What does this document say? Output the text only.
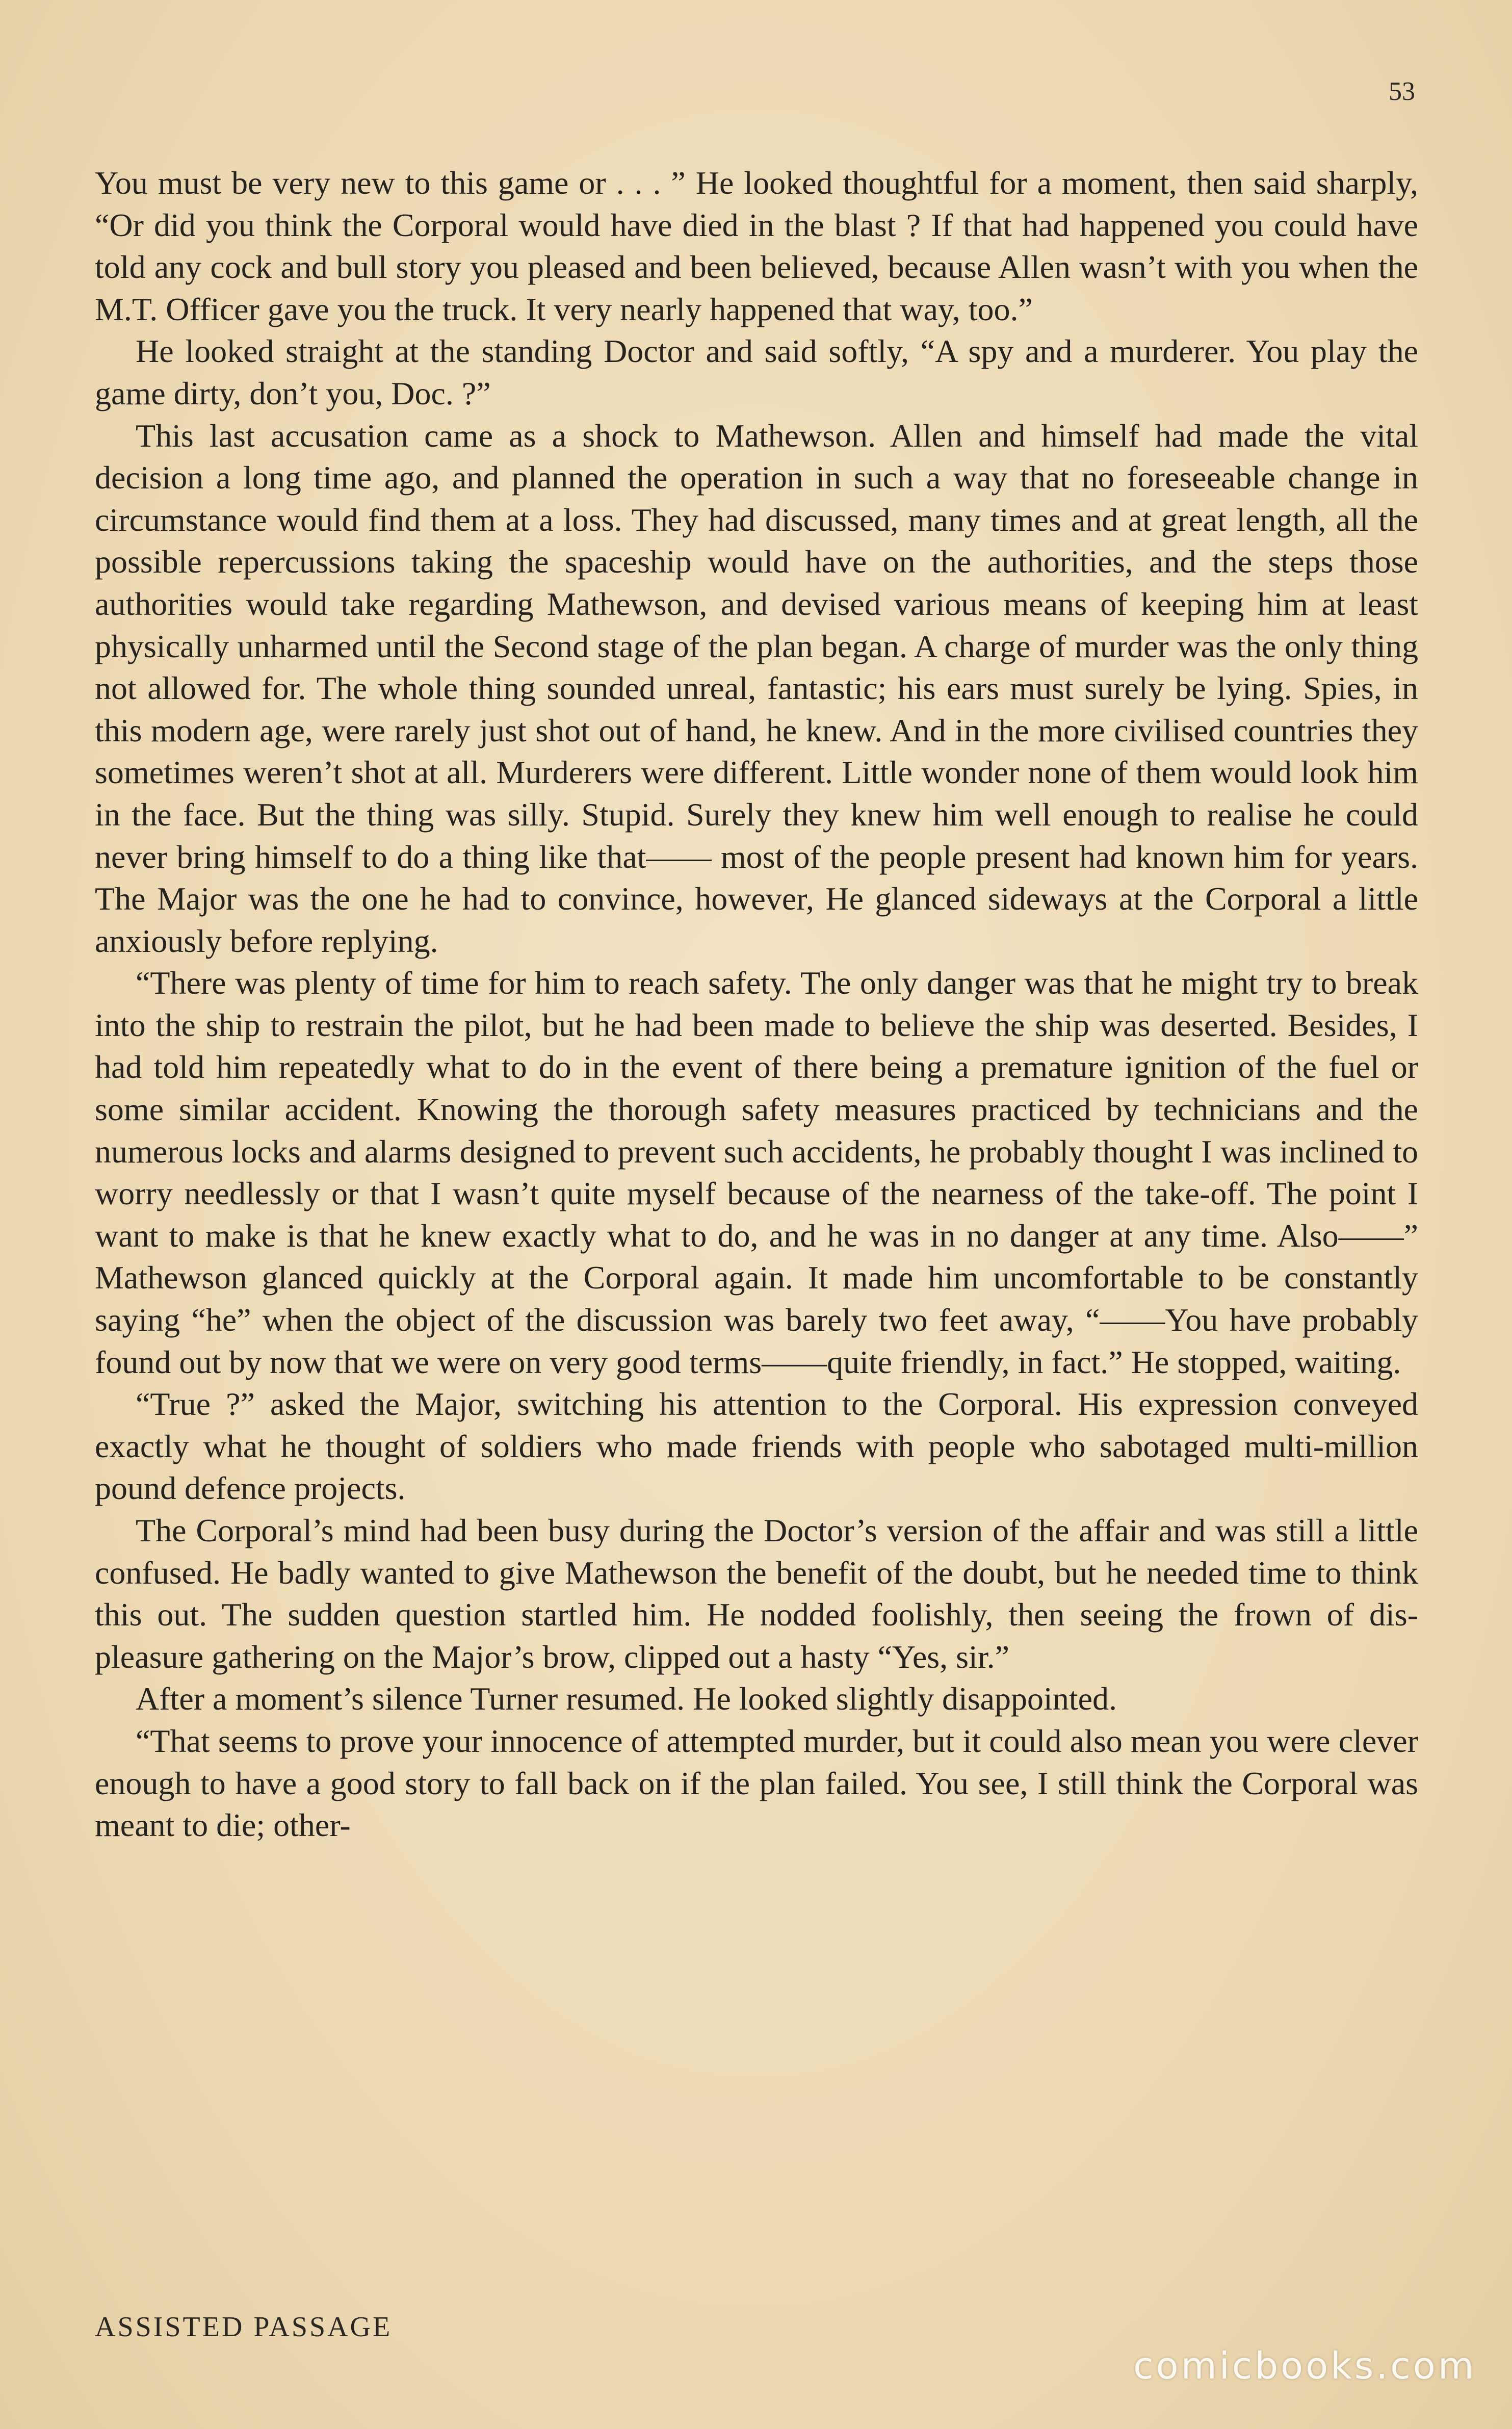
53

You must be very new to this game or . . . ” He looked thoughtful for a moment, then said sharply, “Or did you think the Corporal would have died in the blast ? If that had happened you could have told any cock and bull story you pleased and been believed, because Allen wasn’t with you when the M.T. Officer gave you the truck. It very nearly happened that way, too.”

He looked straight at the standing Doctor and said softly, “A spy and a murderer. You play the game dirty, don’t you, Doc. ?”

This last accusation came as a shock to Mathewson. Allen and himself had made the vital decision a long time ago, and planned the operation in such a way that no foreseeable change in circumstance would find them at a loss. They had discussed, many times and at great length, all the possible repercussions taking the spaceship would have on the authorities, and the steps those authorities would take regarding Mathewson, and devised various means of keeping him at least physically unharmed until the Second stage of the plan began. A charge of murder was the only thing not allowed for. The whole thing sounded unreal, fantastic; his ears must surely be lying. Spies, in this modern age, were rarely just shot out of hand, he knew. And in the more civilised countries they sometimes weren’t shot at all. Murderers were different. Little wonder none of them would look him in the face. But the thing was silly. Stupid. Surely they knew him well enough to realise he could never bring himself to do a thing like that—— most of the people present had known him for years. The Major was the one he had to convince, however, He glanced sideways at the Corporal a little anxiously before replying.

“There was plenty of time for him to reach safety. The only danger was that he might try to break into the ship to restrain the pilot, but he had been made to believe the ship was deserted. Besides, I had told him repeatedly what to do in the event of there being a premature ignition of the fuel or some similar accident. Knowing the thorough safety measures practiced by technicians and the numerous locks and alarms designed to prevent such accidents, he probably thought I was inclined to worry needlessly or that I wasn’t quite myself because of the nearness of the take-off. The point I want to make is that he knew exactly what to do, and he was in no danger at any time. Also——” Mathewson glanced quickly at the Corporal again. It made him uncomfortable to be constantly saying “he” when the object of the discussion was barely two feet away, “——You have probably found out by now that we were on very good terms——quite friendly, in fact.” He stopped, waiting.

“True ?” asked the Major, switching his attention to the Corporal. His expression conveyed exactly what he thought of soldiers who made friends with people who sabotaged multi-million pound defence projects.

The Corporal’s mind had been busy during the Doctor’s version of the affair and was still a little confused. He badly wanted to give Mathewson the benefit of the doubt, but he needed time to think this out. The sudden question startled him. He nodded foolishly, then seeing the frown of dis- pleasure gathering on the Major’s brow, clipped out a hasty “Yes, sir.”

After a moment’s silence Turner resumed. He looked slightly disappointed.

“That seems to prove your innocence of attempted murder, but it could also mean you were clever enough to have a good story to fall back on if the plan failed. You see, I still think the Corporal was meant to die; other-

ASSISTED PASSAGE
comicbooks.com
